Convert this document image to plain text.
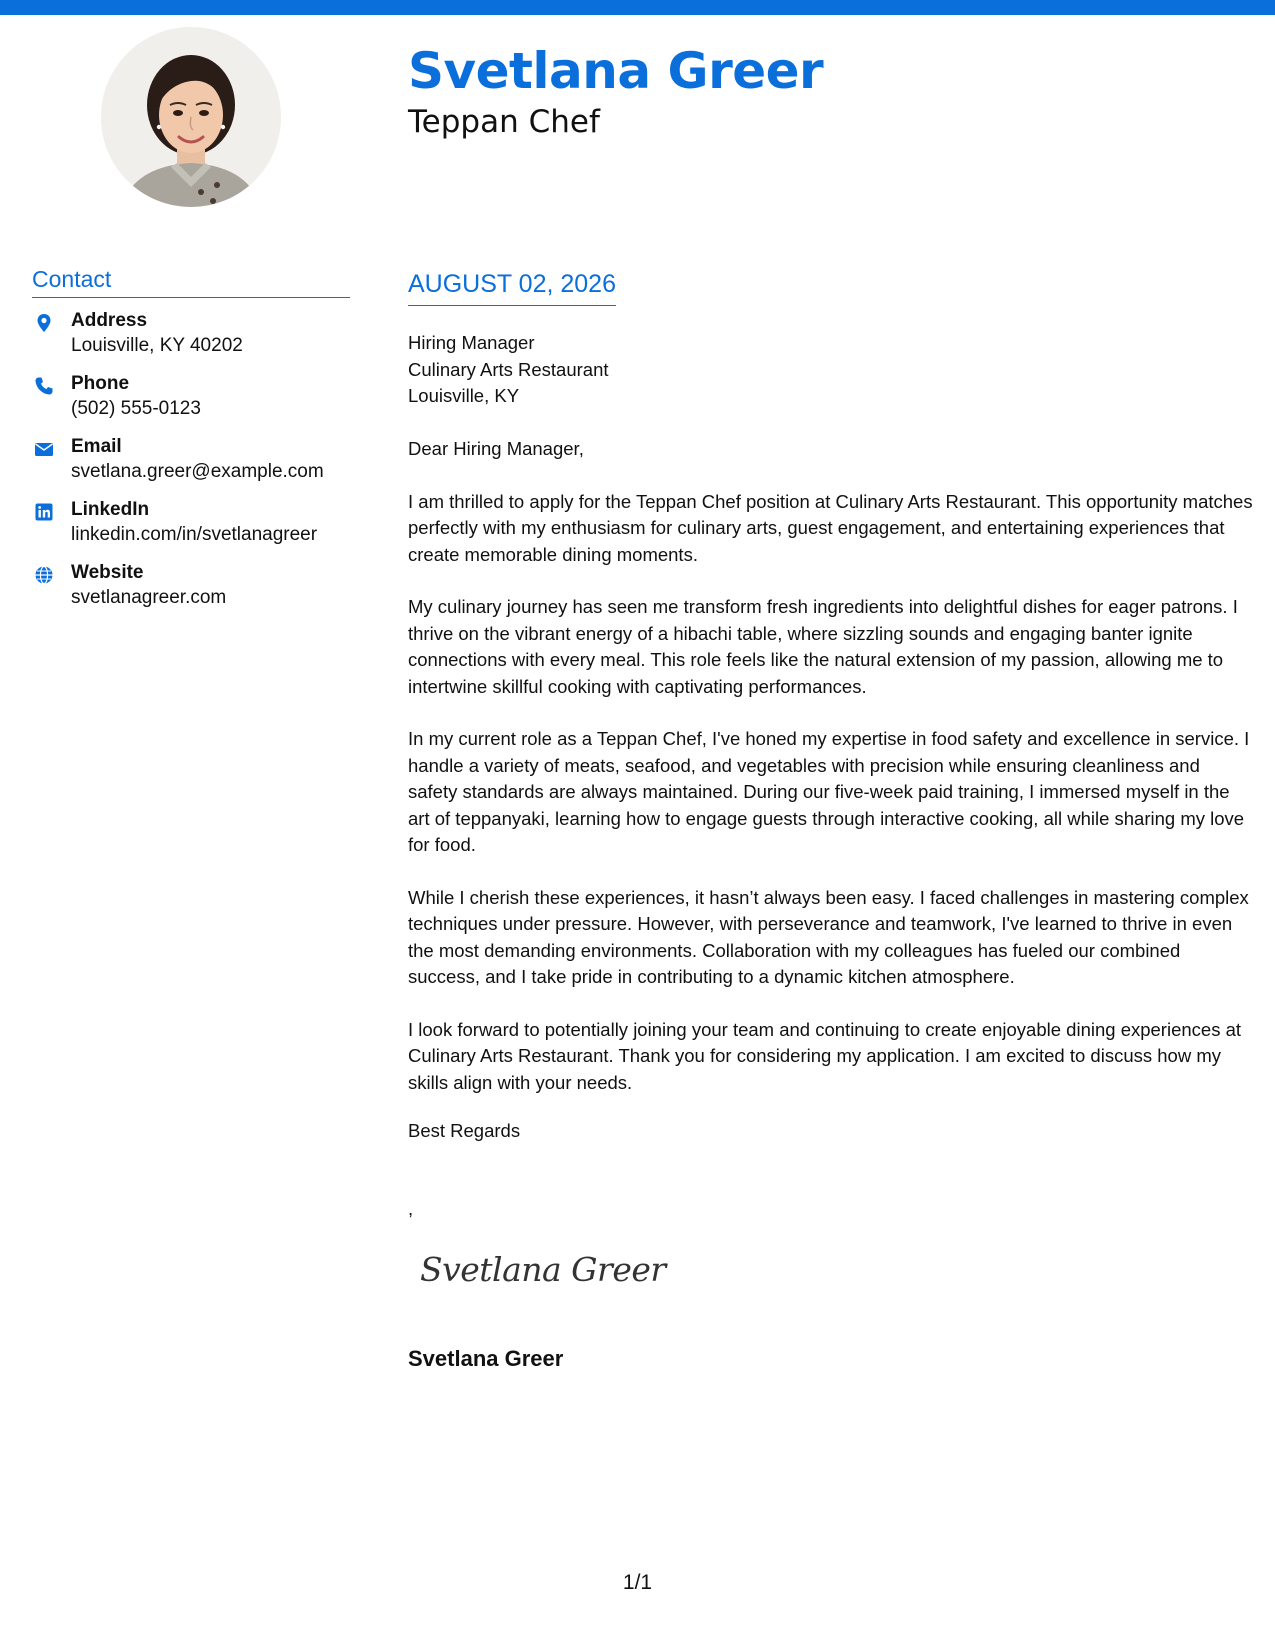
Svetlana Greer
Teppan Chef
Contact
Address
Louisville, KY 40202
Phone
(502) 555-0123
Email
svetlana.greer@example.com
LinkedIn
linkedin.com/in/svetlanagreer
Website
svetlanagreer.com
AUGUST 02, 2026
Hiring Manager
Culinary Arts Restaurant
Louisville, KY

Dear Hiring Manager,

I am thrilled to apply for the Teppan Chef position at Culinary Arts Restaurant. This opportunity matches perfectly with my enthusiasm for culinary arts, guest engagement, and entertaining experiences that create memorable dining moments.

My culinary journey has seen me transform fresh ingredients into delightful dishes for eager patrons. I thrive on the vibrant energy of a hibachi table, where sizzling sounds and engaging banter ignite connections with every meal. This role feels like the natural extension of my passion, allowing me to intertwine skillful cooking with captivating performances.

In my current role as a Teppan Chef, I've honed my expertise in food safety and excellence in service. I handle a variety of meats, seafood, and vegetables with precision while ensuring cleanliness and safety standards are always maintained. During our five-week paid training, I immersed myself in the art of teppanyaki, learning how to engage guests through interactive cooking, all while sharing my love for food.

While I cherish these experiences, it hasn’t always been easy. I faced challenges in mastering complex techniques under pressure. However, with perseverance and teamwork, I've learned to thrive in even the most demanding environments. Collaboration with my colleagues has fueled our combined success, and I take pride in contributing to a dynamic kitchen atmosphere.

I look forward to potentially joining your team and continuing to create enjoyable dining experiences at Culinary Arts Restaurant. Thank you for considering my application. I am excited to discuss how my skills align with your needs.

Best Regards
,
Svetlana Greer
Svetlana Greer
1/1
